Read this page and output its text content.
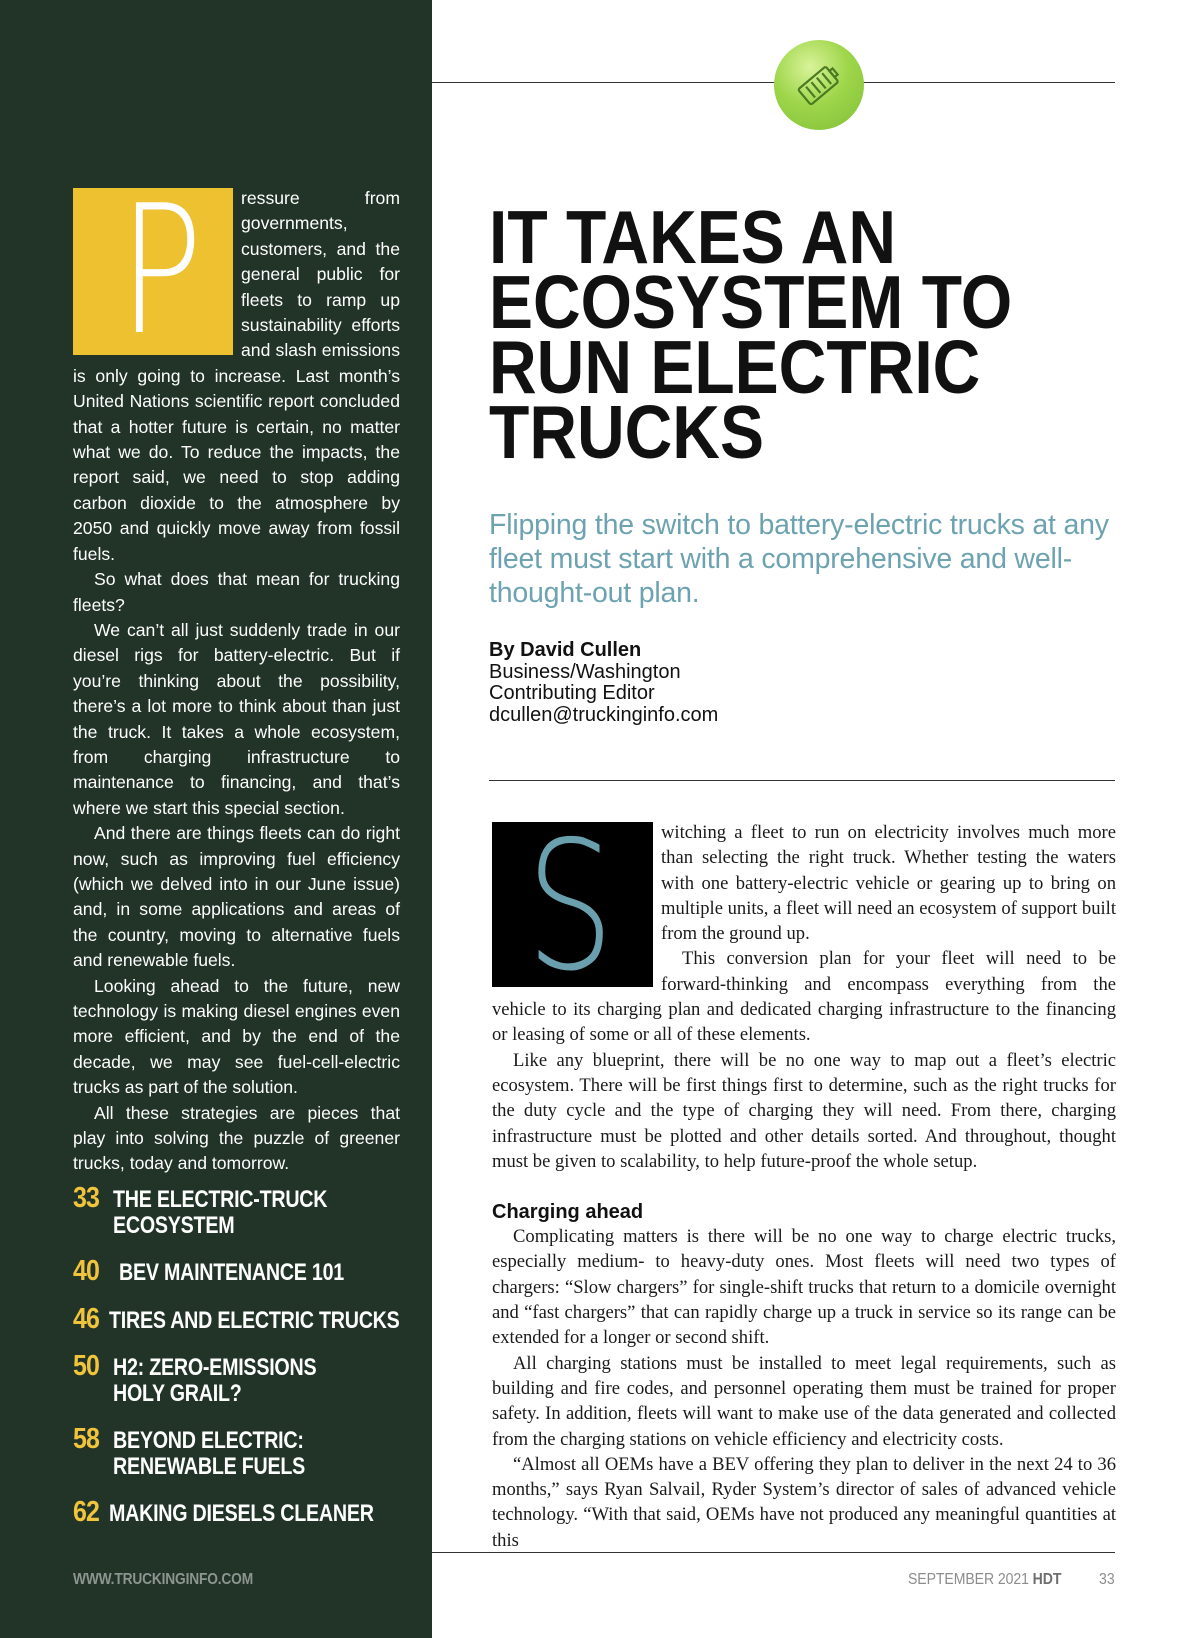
P ressure from governments, customers, and the general public for fleets to ramp up sustainability efforts and slash emissions is only going to increase. Last month’s United Nations scientific report concluded that a hotter future is certain, no matter what we do. To reduce the impacts, the report said, we need to stop adding carbon dioxide to the atmosphere by 2050 and quickly move away from fossil fuels.

So what does that mean for trucking fleets?

We can’t all just suddenly trade in our diesel rigs for battery-electric. But if you’re thinking about the possibility, there’s a lot more to think about than just the truck. It takes a whole ecosystem, from charging infrastructure to maintenance to financing, and that’s where we start this special section.

And there are things fleets can do right now, such as improving fuel efficiency (which we delved into in our June issue) and, in some applications and areas of the country, moving to alternative fuels and renewable fuels.

Looking ahead to the future, new technology is making diesel engines even more efficient, and by the end of the decade, we may see fuel-cell-electric trucks as part of the solution.

All these strategies are pieces that play into solving the puzzle of greener trucks, today and tomorrow.

33 THE ELECTRIC-TRUCK
ECOSYSTEM
40 BEV MAINTENANCE 101
46 TIRES AND ELECTRIC TRUCKS
50 H2: ZERO-EMISSIONS
HOLY GRAIL?
58 BEYOND ELECTRIC:
RENEWABLE FUELS
62 MAKING DIESELS CLEANER
WWW.TRUCKINGINFO.COM
IT TAKES AN
ECOSYSTEM TO
RUN ELECTRIC
TRUCKS
Flipping the switch to battery-electric trucks at any fleet must start with a comprehensive and well-thought-out plan.
By David Cullen
Business/Washington
Contributing Editor
dcullen@truckinginfo.com

S	witching a fleet to run on electricity involves much more than selecting the right truck. Whether testing the waters with one battery-electric vehicle or gearing up to bring on multiple units, a fleet will need an ecosystem of support built from the ground up.

This conversion plan for your fleet will need to be forward-thinking and encompass everything from the vehicle to its charging plan and dedicated charging infrastructure to the financing or leasing of some or all of these elements.

Like any blueprint, there will be no one way to map out a fleet’s electric ecosystem. There will be first things first to determine, such as the right trucks for the duty cycle and the type of charging they will need. From there, charging infrastructure must be plotted and other details sorted. And throughout, thought must be given to scalability, to help future-proof the whole setup.

Charging ahead

Complicating matters is there will be no one way to charge electric trucks, especially medium- to heavy-duty ones. Most fleets will need two types of chargers: “Slow chargers” for single-shift trucks that return to a domicile overnight and “fast chargers” that can rapidly charge up a truck in service so its range can be extended for a longer or second shift.

All charging stations must be installed to meet legal requirements, such as building and fire codes, and personnel operating them must be trained for proper safety. In addition, fleets will want to make use of the data generated and collected from the charging stations on vehicle efficiency and electricity costs.

“Almost all OEMs have a BEV offering they plan to deliver in the next 24 to 36 months,” says Ryan Salvail, Ryder System’s director of sales of advanced vehicle technology. “With that said, OEMs have not produced any meaningful quantities at this

SEPTEMBER 2021 HDT 33
